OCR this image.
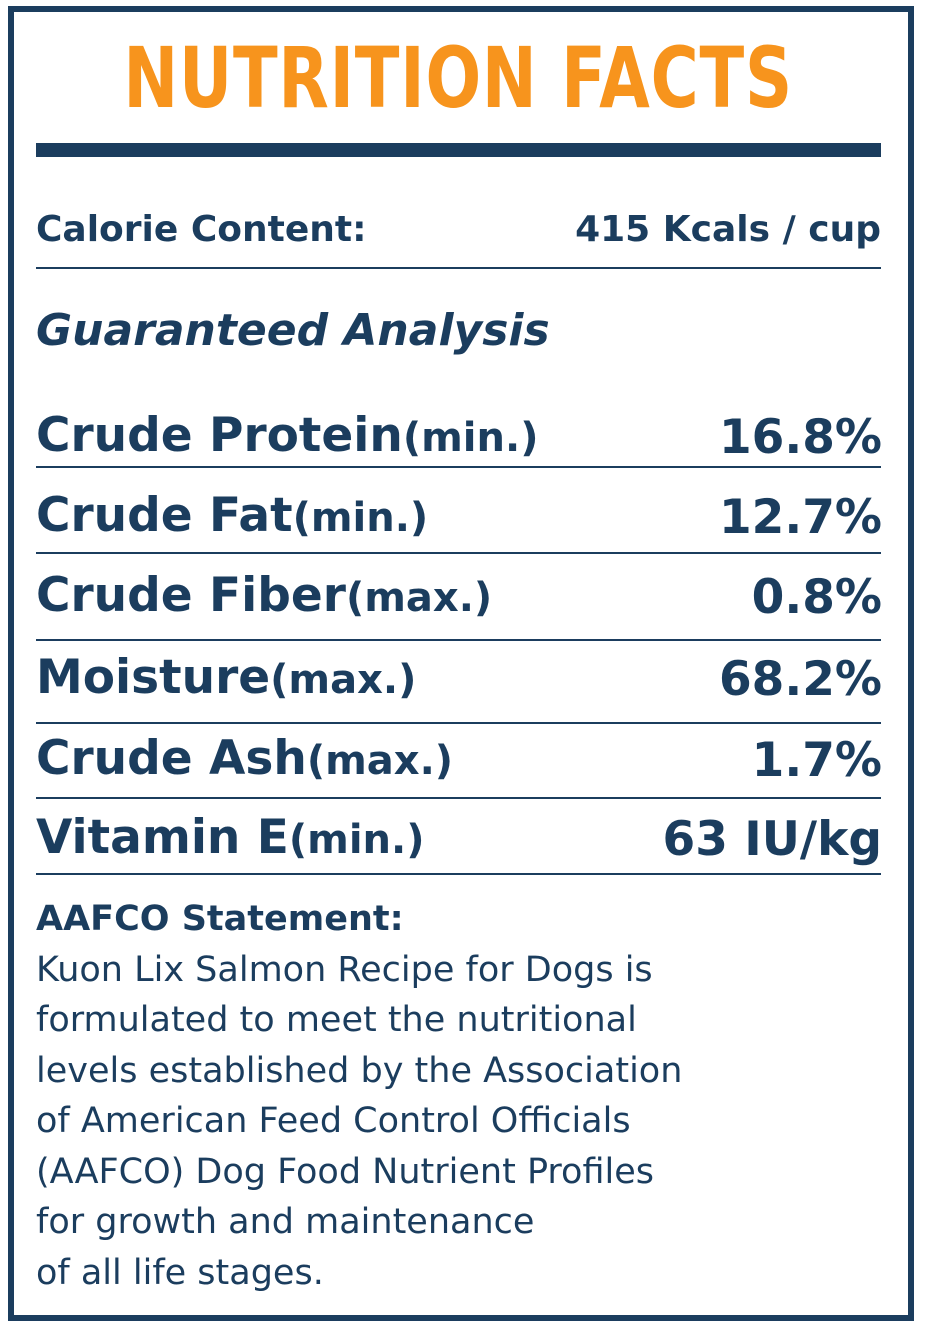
NUTRITION FACTS
Calorie Content:	415 Kcals / cup
Guaranteed Analysis
Crude Protein(min.)	16.8%
Crude Fat(min.)	12.7%
Crude Fiber(max.)	0.8%
Moisture(max.)	68.2%
Crude Ash(max.)	1.7%
Vitamin E(min.)	63 IU/kg
AAFCO Statement:
Kuon Lix Salmon Recipe for Dogs is
formulated to meet the nutritional
levels established by the Association
of American Feed Control Officials
(AAFCO) Dog Food Nutrient Profiles
for growth and maintenance
of all life stages.
